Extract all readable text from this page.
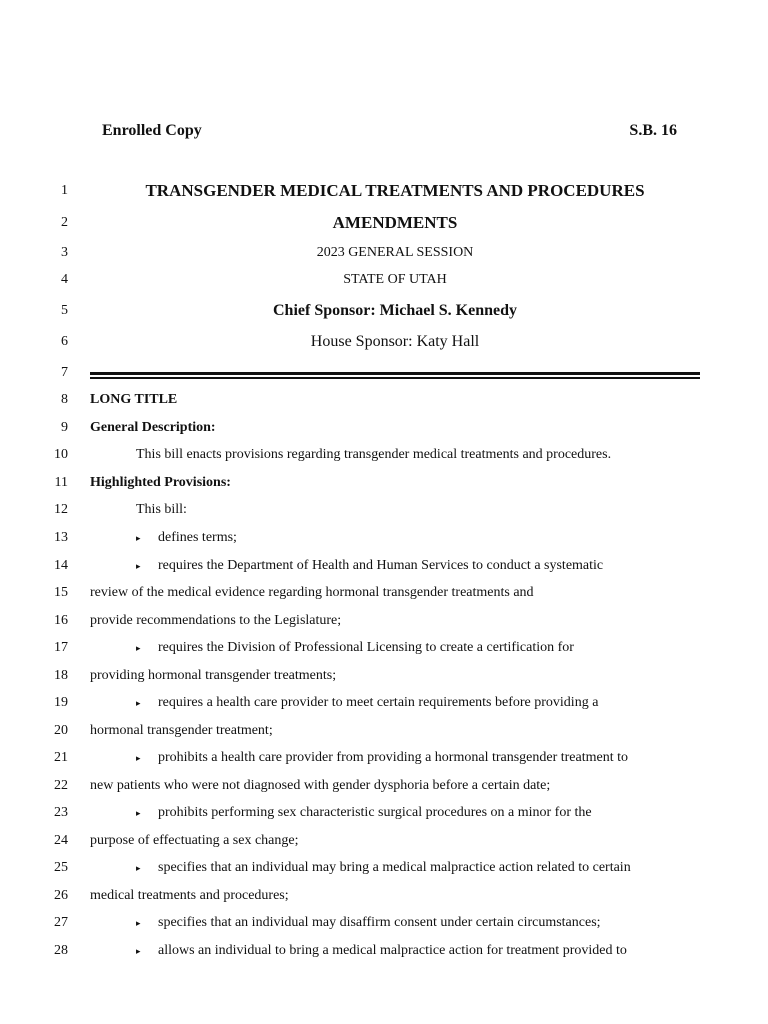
Enrolled Copy	S.B. 16
1	TRANSGENDER MEDICAL TREATMENTS AND PROCEDURES
2	AMENDMENTS
3	2023 GENERAL SESSION
4	STATE OF UTAH
5	Chief Sponsor: Michael S. Kennedy
6	House Sponsor: Katy Hall
7
8 LONG TITLE
9 General Description:
10	This bill enacts provisions regarding transgender medical treatments and procedures.
11 Highlighted Provisions:
12	This bill:
13	▸ defines terms;
14	▸ requires the Department of Health and Human Services to conduct a systematic
15 review of the medical evidence regarding hormonal transgender treatments and
16 provide recommendations to the Legislature;
17	▸ requires the Division of Professional Licensing to create a certification for
18 providing hormonal transgender treatments;
19	▸ requires a health care provider to meet certain requirements before providing a
20 hormonal transgender treatment;
21	▸ prohibits a health care provider from providing a hormonal transgender treatment to
22 new patients who were not diagnosed with gender dysphoria before a certain date;
23	▸ prohibits performing sex characteristic surgical procedures on a minor for the
24 purpose of effectuating a sex change;
25	▸ specifies that an individual may bring a medical malpractice action related to certain
26 medical treatments and procedures;
27	▸ specifies that an individual may disaffirm consent under certain circumstances;
28	▸ allows an individual to bring a medical malpractice action for treatment provided to
